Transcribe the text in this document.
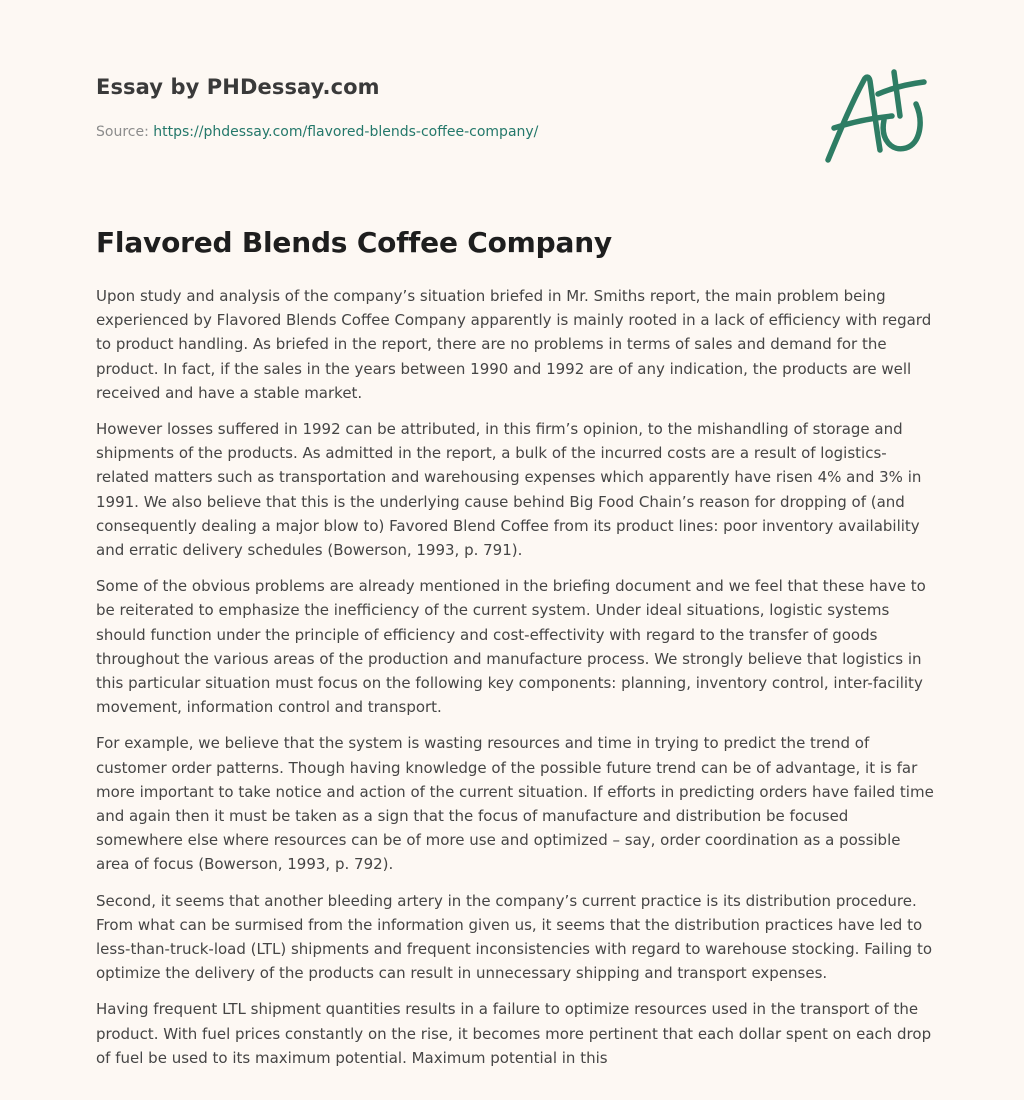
Essay by PHDessay.com

Source: https://phdessay.com/flavored-blends-coffee-company/

Flavored Blends Coffee Company

Upon study and analysis of the company’s situation briefed in Mr. Smiths report, the main problem being experienced by Flavored Blends Coffee Company apparently is mainly rooted in a lack of efficiency with regard to product handling. As briefed in the report, there are no problems in terms of sales and demand for the product. In fact, if the sales in the years between 1990 and 1992 are of any indication, the products are well received and have a stable market.

However losses suffered in 1992 can be attributed, in this firm’s opinion, to the mishandling of storage and shipments of the products. As admitted in the report, a bulk of the incurred costs are a result of logistics-related matters such as transportation and warehousing expenses which apparently have risen 4% and 3% in 1991. We also believe that this is the underlying cause behind Big Food Chain’s reason for dropping of (and consequently dealing a major blow to) Favored Blend Coffee from its product lines: poor inventory availability and erratic delivery schedules (Bowerson, 1993, p. 791).

Some of the obvious problems are already mentioned in the briefing document and we feel that these have to be reiterated to emphasize the inefficiency of the current system. Under ideal situations, logistic systems should function under the principle of efficiency and cost-effectivity with regard to the transfer of goods throughout the various areas of the production and manufacture process. We strongly believe that logistics in this particular situation must focus on the following key components: planning, inventory control, inter-facility movement, information control and transport.

For example, we believe that the system is wasting resources and time in trying to predict the trend of customer order patterns. Though having knowledge of the possible future trend can be of advantage, it is far more important to take notice and action of the current situation. If efforts in predicting orders have failed time and again then it must be taken as a sign that the focus of manufacture and distribution be focused somewhere else where resources can be of more use and optimized – say, order coordination as a possible area of focus (Bowerson, 1993, p. 792).

Second, it seems that another bleeding artery in the company’s current practice is its distribution procedure. From what can be surmised from the information given us, it seems that the distribution practices have led to less-than-truck-load (LTL) shipments and frequent inconsistencies with regard to warehouse stocking. Failing to optimize the delivery of the products can result in unnecessary shipping and transport expenses.

Having frequent LTL shipment quantities results in a failure to optimize resources used in the transport of the product. With fuel prices constantly on the rise, it becomes more pertinent that each dollar spent on each drop of fuel be used to its maximum potential. Maximum potential in this
